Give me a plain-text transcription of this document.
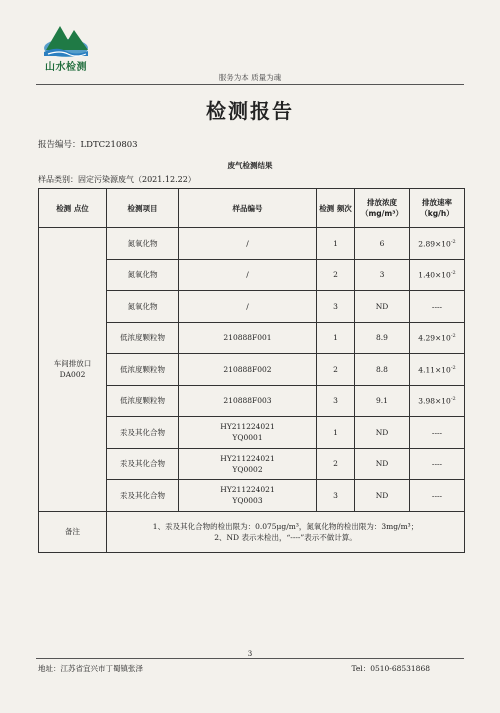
山水检测
服务为本 质量为魂
检测报告
报告编号：LDTC210803
废气检测结果
样品类别：固定污染源废气（2021.12.22）
检测 点位	检测项目	样品编号	检测 频次	排放浓度 （mg/m³）	排放速率 （kg/h）

车间排放口
DA002	氮氧化物	/	1	6	$2.89\times 10^{-2}$
	氮氧化物	/	2	3	$1.40\times 10^{-2}$
	氮氧化物	/	3	ND	----
	低浓度颗粒物	210888F001	1	8.9	$4.29\times 10^{-2}$
	低浓度颗粒物	210888F002	2	8.8	$4.11\times 10^{-2}$
	低浓度颗粒物	210888F003	3	9.1	$3.98\times 10^{-2}$
	汞及其化合物	HY211224021
YQ0001	1	ND	----
	汞及其化合物	HY211224021
YQ0002	2	ND	----
	汞及其化合物	HY211224021
YQ0003	3	ND	----
备注	1、汞及其化合物的检出限为：0.075μg/m³，氮氧化物的检出限为：3mg/m³；
2、ND 表示未检出，“----”表示不做计算。				
3
地址：江苏省宜兴市丁蜀镇张泽	Tel：0510-68531868
